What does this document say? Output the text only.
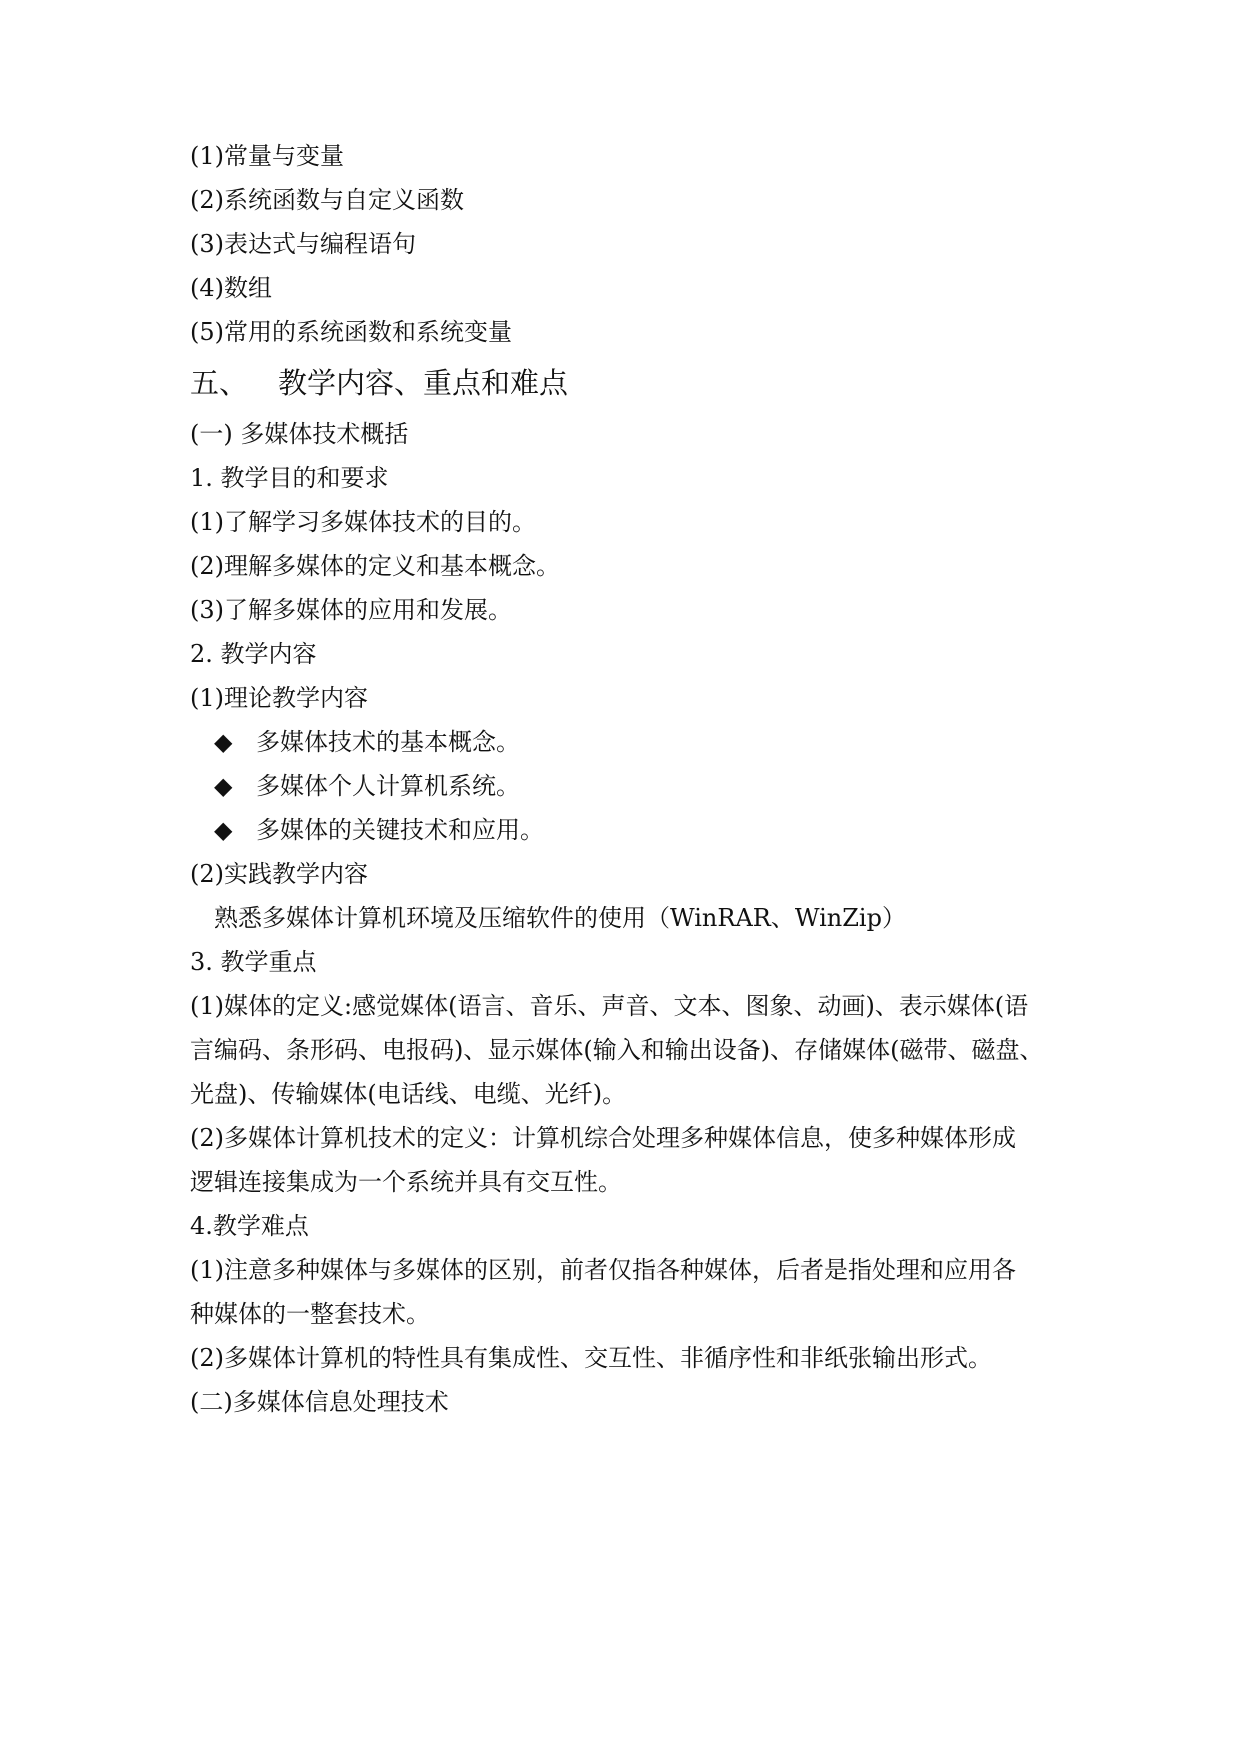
(1)常量与变量
(2)系统函数与自定义函数
(3)表达式与编程语句
(4)数组
(5)常用的系统函数和系统变量
五、 教学内容、重点和难点
(一) 多媒体技术概括
1. 教学目的和要求
(1)了解学习多媒体技术的目的。
(2)理解多媒体的定义和基本概念。
(3)了解多媒体的应用和发展。
2. 教学内容
(1)理论教学内容
◆ 多媒体技术的基本概念。
◆ 多媒体个人计算机系统。
◆ 多媒体的关键技术和应用。
(2)实践教学内容
熟悉多媒体计算机环境及压缩软件的使用（WinRAR、WinZip）
3. 教学重点
(1)媒体的定义:感觉媒体(语言、音乐、声音、文本、图象、动画)、表示媒体(语
言编码、条形码、电报码)、显示媒体(输入和输出设备)、存储媒体(磁带、磁盘、
光盘)、传输媒体(电话线、电缆、光纤)。
(2)多媒体计算机技术的定义：计算机综合处理多种媒体信息，使多种媒体形成
逻辑连接集成为一个系统并具有交互性。
4.教学难点
(1)注意多种媒体与多媒体的区别，前者仅指各种媒体，后者是指处理和应用各
种媒体的一整套技术。
(2)多媒体计算机的特性具有集成性、交互性、非循序性和非纸张输出形式。
(二)多媒体信息处理技术
